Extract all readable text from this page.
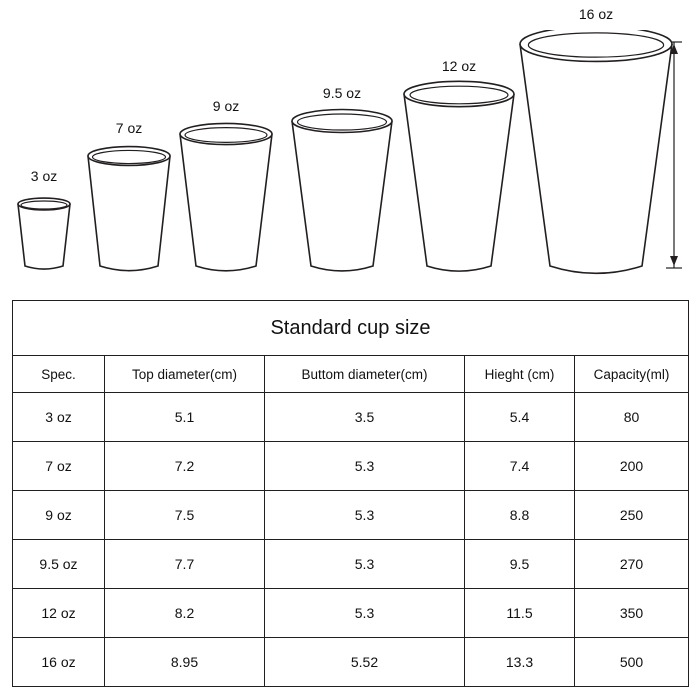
3 oz
7 oz
9 oz
9.5 oz
12 oz
16 oz
Standard cup size				
Spec.	Top diameter(cm)	Buttom diameter(cm)	Hieght (cm)	Capacity(ml)
3 oz	5.1	3.5	5.4	80
7 oz	7.2	5.3	7.4	200
9 oz	7.5	5.3	8.8	250
9.5 oz	7.7	5.3	9.5	270
12 oz	8.2	5.3	11.5	350
16 oz	8.95	5.52	13.3	500
